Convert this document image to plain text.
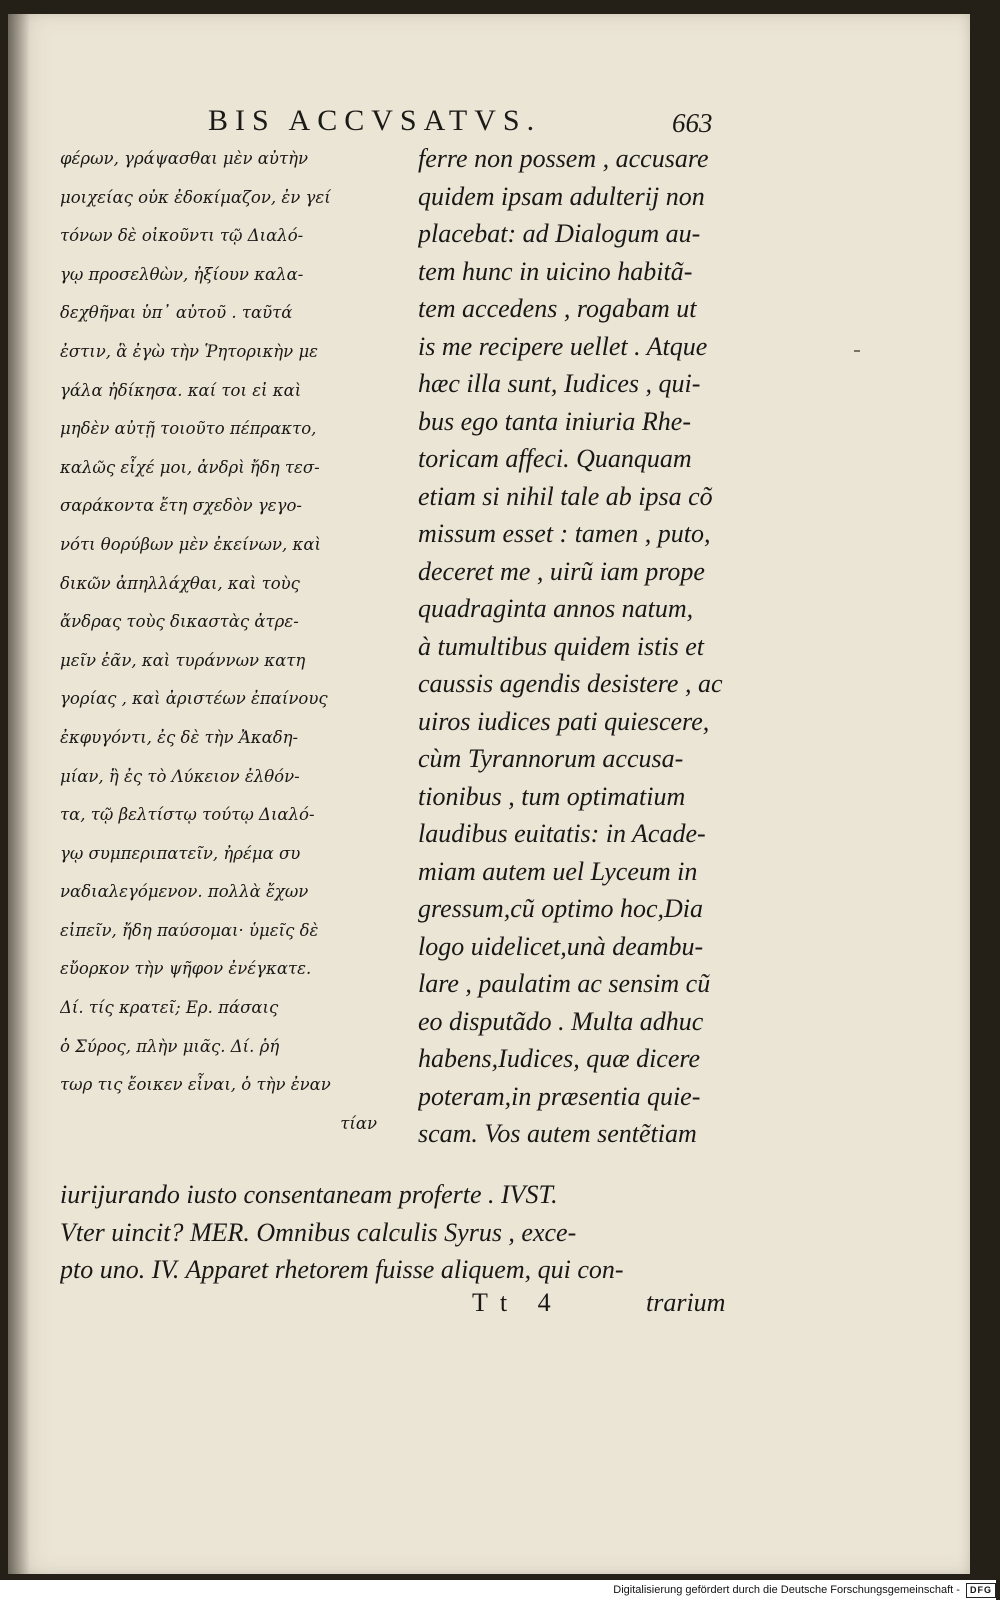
BIS ACCVSATVS.	663
φέρων, γράψασθαι μὲν αὐτὴν
μοιχείας οὐκ ἐδοκίμαζον, ἐν γεί
τόνων δὲ οἰκοῦντι τῷ Διαλό-
γῳ προσελθὼν, ἠξίουν καλα-
δεχθῆναι ὑπ᾽ αὐτοῦ . ταῦτά
ἐστιν, ἃ ἐγὼ τὴν Ῥητορικὴν με
γάλα ἠδίκησα. καί τοι εἰ καὶ
μηδὲν αὐτῇ τοιοῦτο πέπρακτο,
καλῶς εἶχέ μοι, ἀνδρὶ ἤδη τεσ-
σαράκοντα ἔτη σχεδὸν γεγο-
νότι θορύβων μὲν ἐκείνων, καὶ
δικῶν ἀπηλλάχθαι, καὶ τοὺς
ἄνδρας τοὺς δικαστὰς ἀτρε-
μεῖν ἐᾶν, καὶ τυράννων κατη
γορίας , καὶ ἀριστέων ἐπαίνους
ἐκφυγόντι, ἐς δὲ τὴν Ἀκαδη-
μίαν, ἢ ἐς τὸ Λύκειον ἐλθόν-
τα, τῷ βελτίστῳ τούτῳ Διαλό-
γῳ συμπεριπατεῖν, ἠρέμα συ
ναδιαλεγόμενον. πολλὰ ἔχων
εἰπεῖν, ἤδη παύσομαι· ὑμεῖς δὲ
εὔορκον τὴν ψῆφον ἐνέγκατε.
Δί. τίς κρατεῖ; Ερ. πάσαις
ὁ Σύρος, πλὴν μιᾶς. Δί. ῥή
τωρ τις ἔοικεν εἶναι, ὁ τὴν ἐναν
τίαν
ferre non possem , accusare
quidem ipsam adulterij non
placebat: ad Dialogum au-
tem hunc in uicino habitã-
tem accedens , rogabam ut
is me recipere uellet . Atque
hæc illa sunt, Iudices , qui-
bus ego tanta iniuria Rhe-
toricam affeci. Quanquam
etiam si nihil tale ab ipsa cõ
missum esset : tamen , puto,
deceret me , uirũ iam prope
quadraginta annos natum,
à tumultibus quidem istis et
caussis agendis desistere , ac
uiros iudices pati quiescere,
cùm Tyrannorum accusa-
tionibus , tum optimatium
laudibus euitatis: in Acade-
miam autem uel Lyceum in
gressum,cũ optimo hoc,Dia
logo uidelicet,unà deambu-
lare , paulatim ac sensim cũ
eo disputãdo . Multa adhuc
habens,Iudices, quæ dicere
poteram,in præsentia quie-
scam. Vos autem sentẽtiam
iurijurando iusto consentaneam proferte . IVST.
Vter uincit? MER. Omnibus calculis Syrus , exce-
pto uno. IV. Apparet rhetorem fuisse aliquem, qui con-
Tt 4	trarium
Digitalisierung gefördert durch die Deutsche Forschungsgemeinschaft - DFG
